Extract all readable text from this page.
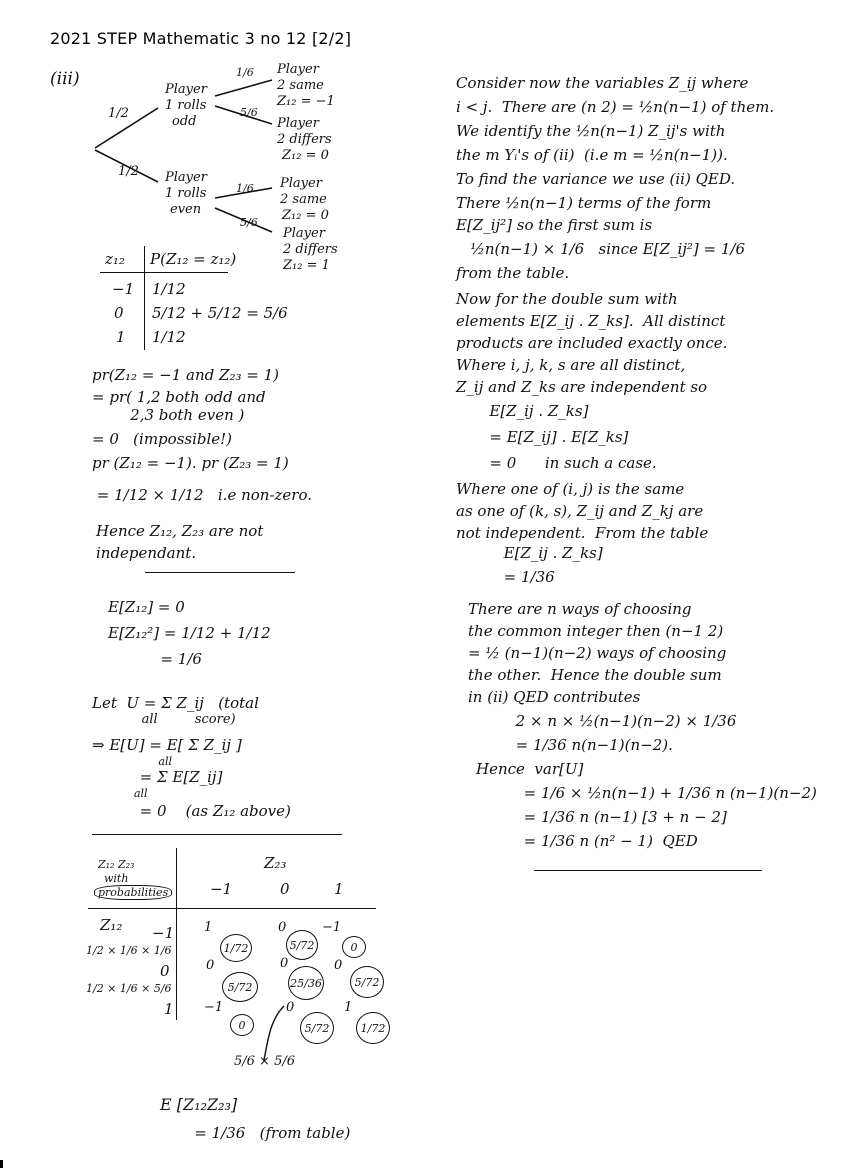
2021 STEP Mathematic 3 no 12 [2/2]
(iii)
1/2
Player
1 rolls
odd
1/2 Player
1 rolls
even
1/6 Player
2 same
Z₁₂ = −1
5/6
Player
2 differs
Z₁₂ = 0
1/6 Player
2 same
Z₁₂ = 0
5/6
Player
2 differs
Z₁₂ = 1
z₁₂ P(Z₁₂ = z₁₂)
−1 1/12
0 5/12 + 5/12 = 5/6
1 1/12
pr(Z₁₂ = −1 and Z₂₃ = 1)
= pr( 1,2 both odd and
2,3 both even )
= 0   (impossible!)
pr (Z₁₂ = −1). pr (Z₂₃ = 1)
= 1/12 × 1/12   i.e non-zero.
Hence Z₁₂, Z₂₃ are not
independant.
E[Z₁₂] = 0
E[Z₁₂²] = 1/12 + 1/12
= 1/6
Let  U = Σ Z_ij   (total
all         score)
⇒ E[U] = E[ Σ Z_ij ]
all
= Σ E[Z_ij]
all
= 0    (as Z₁₂ above)
Z₁₂ Z₂₃
with
probabilities
Z₂₃
−1	0	1
Z₁₂ −1
0
1
1/2 × 1/6 × 1/6
1/2 × 1/6 × 5/6
1
1/72
0
5/72
−1
0
0
5/72
0
25/36
0
5/72
−1
0
0
5/72
1
1/72
5/6 × 5/6
E [Z₁₂Z₂₃]
= 1/36   (from table)
Consider now the variables Z_ij where
i < j.  There are (n 2) = ½n(n−1) of them.
We identify the ½n(n−1) Z_ij's with
the m Yᵢ's of (ii)  (i.e m = ½n(n−1)).
To find the variance we use (ii) QED.
There ½n(n−1) terms of the form
E[Z_ij²] so the first sum is
½n(n−1) × 1/6   since E[Z_ij²] = 1/6
from the table.
Now for the double sum with
elements E[Z_ij . Z_ks].  All distinct
products are included exactly once.
Where i, j, k, s are all distinct,
Z_ij and Z_ks are independent so
E[Z_ij . Z_ks]
= E[Z_ij] . E[Z_ks]
= 0      in such a case.
Where one of (i, j) is the same
as one of (k, s), Z_ij and Z_kj are
not independent.  From the table
E[Z_ij . Z_ks]
= 1/36
There are n ways of choosing
the common integer then (n−1 2)
= ½ (n−1)(n−2) ways of choosing
the other.  Hence the double sum
in (ii) QED contributes
2 × n × ½(n−1)(n−2) × 1/36
= 1/36 n(n−1)(n−2).
Hence  var[U]
= 1/6 × ½n(n−1) + 1/36 n (n−1)(n−2)
= 1/36 n (n−1) [3 + n − 2]
= 1/36 n (n² − 1)  QED
